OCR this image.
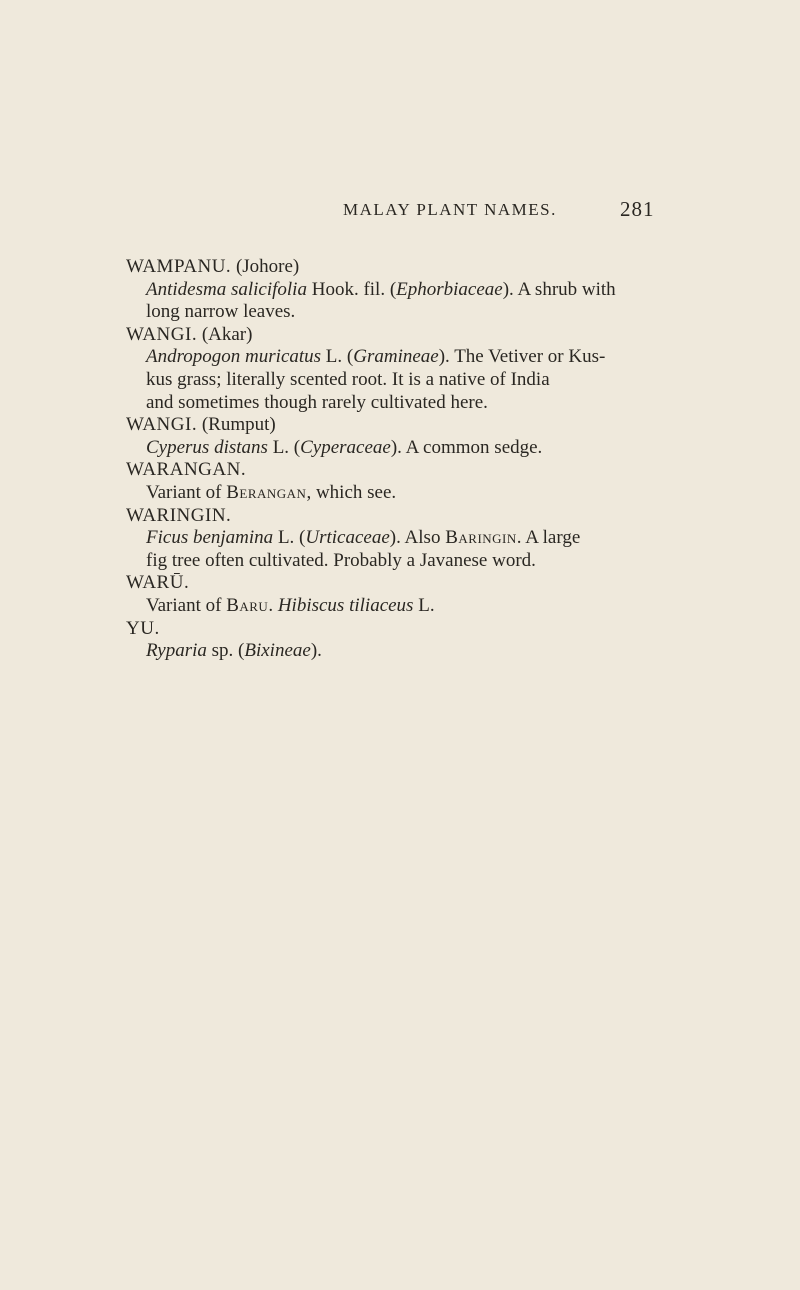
MALAY PLANT NAMES.	281
WAMPANU. (Johore)
Antidesma salicifolia Hook. fil. (Ephorbiaceae). A shrub with
long narrow leaves.
WANGI. (Akar)
Andropogon muricatus L. (Gramineae). The Vetiver or Kus-
kus grass; literally scented root. It is a native of India
and sometimes though rarely cultivated here.
WANGI. (Rumput)
Cyperus distans L. (Cyperaceae). A common sedge.
WARANGAN.
Variant of Berangan, which see.
WARINGIN.
Ficus benjamina L. (Urticaceae). Also Baringin. A large
fig tree often cultivated. Probably a Javanese word.
WARŪ.
Variant of Baru. Hibiscus tiliaceus L.
YU.
Ryparia sp. (Bixineae).
